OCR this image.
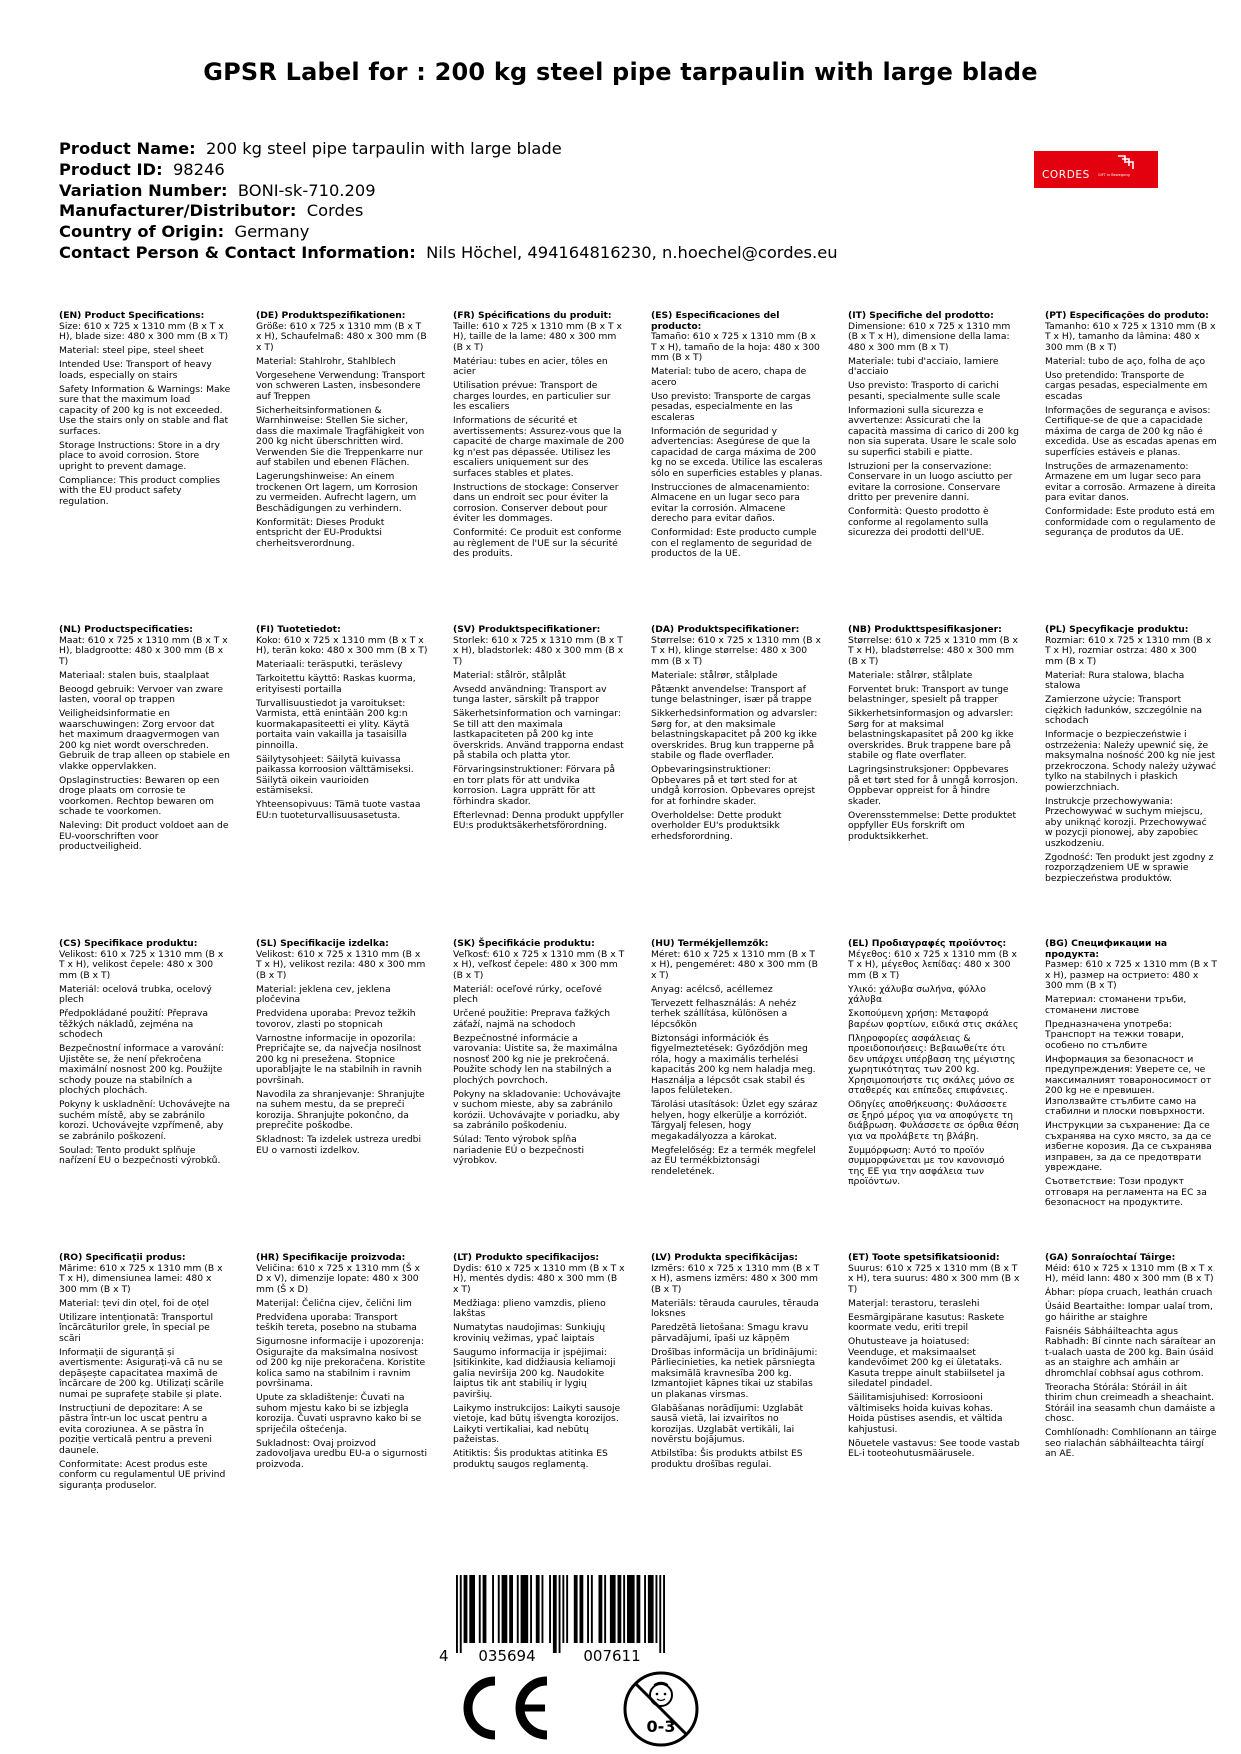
GPSR Label for : 200 kg steel pipe tarpaulin with large blade
Product Name:  200 kg steel pipe tarpaulin with large blade
Product ID:  98246
Variation Number:  BONI-sk-710.209
Manufacturer/Distributor:  Cordes
Country of Origin:  Germany
Contact Person & Contact Information:  Nils Höchel, 494164816230, n.hoechel@cordes.eu
CORDES GIFT in Bewegung
(EN) Product Specifications:

Size: 610 x 725 x 1310 mm (B x T x H), blade size: 480 x 300 mm (B x T)

Material: steel pipe, steel sheet

Intended Use: Transport of heavy loads, especially on stairs

Safety Information & Warnings: Make sure that the maximum load capacity of 200 kg is not exceeded. Use the stairs only on stable and flat surfaces.

Storage Instructions: Store in a dry place to avoid corrosion. Store upright to prevent damage.

Compliance: This product complies with the EU product safety regulation.

(DE) Produktspezifikationen:

Größe: 610 x 725 x 1310 mm (B x T x H), Schaufelmaß: 480 x 300 mm (B x T)

Material: Stahlrohr, Stahlblech

Vorgesehene Verwendung: Transport von schweren Lasten, insbesondere auf Treppen

Sicherheitsinformationen & Warnhinweise: Stellen Sie sicher, dass die maximale Tragfähigkeit von 200 kg nicht überschritten wird. Verwenden Sie die Treppenkarre nur auf stabilen und ebenen Flächen.

Lagerungshinweise: An einem trockenen Ort lagern, um Korrosion zu vermeiden. Aufrecht lagern, um Beschädigungen zu verhindern.

Konformität: Dieses Produkt entspricht der EU-Produktsi cherheitsverordnung.

(FR) Spécifications du produit:

Taille: 610 x 725 x 1310 mm (B x T x H), taille de la lame: 480 x 300 mm (B x T)

Matériau: tubes en acier, tôles en acier

Utilisation prévue: Transport de charges lourdes, en particulier sur les escaliers

Informations de sécurité et avertissements: Assurez-vous que la capacité de charge maximale de 200 kg n'est pas dépassée. Utilisez les escaliers uniquement sur des surfaces stables et plates.

Instructions de stockage: Conserver dans un endroit sec pour éviter la corrosion. Conserver debout pour éviter les dommages.

Conformité: Ce produit est conforme au règlement de l'UE sur la sécurité des produits.

(ES) Especificaciones del producto:

Tamaño: 610 x 725 x 1310 mm (B x T x H), tamaño de la hoja: 480 x 300 mm (B x T)

Material: tubo de acero, chapa de acero

Uso previsto: Transporte de cargas pesadas, especialmente en las escaleras

Información de seguridad y advertencias: Asegúrese de que la capacidad de carga máxima de 200 kg no se exceda. Utilice las escaleras sólo en superficies estables y planas.

Instrucciones de almacenamiento: Almacene en un lugar seco para evitar la corrosión. Almacene derecho para evitar daños.

Conformidad: Este producto cumple con el reglamento de seguridad de productos de la UE.

(IT) Specifiche del prodotto:

Dimensione: 610 x 725 x 1310 mm (B x T x H), dimensione della lama: 480 x 300 mm (B x T)

Materiale: tubi d'acciaio, lamiere d'acciaio

Uso previsto: Trasporto di carichi pesanti, specialmente sulle scale

Informazioni sulla sicurezza e avvertenze: Assicurati che la capacità massima di carico di 200 kg non sia superata. Usare le scale solo su superfici stabili e piatte.

Istruzioni per la conservazione: Conservare in un luogo asciutto per evitare la corrosione. Conservare dritto per prevenire danni.

Conformità: Questo prodotto è conforme al regolamento sulla sicurezza dei prodotti dell'UE.

(PT) Especificações do produto:

Tamanho: 610 x 725 x 1310 mm (B x T x H), tamanho da lâmina: 480 x 300 mm (B x T)

Material: tubo de aço, folha de aço

Uso pretendido: Transporte de cargas pesadas, especialmente em escadas

Informações de segurança e avisos: Certifique-se de que a capacidade máxima de carga de 200 kg não é excedida. Use as escadas apenas em superfícies estáveis e planas.

Instruções de armazenamento: Armazene em um lugar seco para evitar a corrosão. Armazene à direita para evitar danos.

Conformidade: Este produto está em conformidade com o regulamento de segurança de produtos da UE.

(NL) Productspecificaties:

Maat: 610 x 725 x 1310 mm (B x T x H), bladgrootte: 480 x 300 mm (B x T)

Materiaal: stalen buis, staalplaat

Beoogd gebruik: Vervoer van zware lasten, vooral op trappen

Veiligheidsinformatie en waarschuwingen: Zorg ervoor dat het maximum draagvermogen van 200 kg niet wordt overschreden. Gebruik de trap alleen op stabiele en vlakke oppervlakken.

Opslaginstructies: Bewaren op een droge plaats om corrosie te voorkomen. Rechtop bewaren om schade te voorkomen.

Naleving: Dit product voldoet aan de EU-voorschriften voor productveiligheid.

(FI) Tuotetiedot:

Koko: 610 x 725 x 1310 mm (B x T x H), terän koko: 480 x 300 mm (B x T)

Materiaali: teräsputki, teräslevy

Tarkoitettu käyttö: Raskas kuorma, erityisesti portailla

Turvallisuustiedot ja varoitukset: Varmista, että enintään 200 kg:n kuormakapasiteetti ei ylity. Käytä portaita vain vakailla ja tasaisilla pinnoilla.

Säilytysohjeet: Säilytä kuivassa paikassa korroosion välttämiseksi. Säilytä oikein vaurioiden estämiseksi.

Yhteensopivuus: Tämä tuote vastaa EU:n tuoteturvallisuusasetusta.

(SV) Produktspecifikationer:

Storlek: 610 x 725 x 1310 mm (B x T x H), bladstorlek: 480 x 300 mm (B x T)

Material: stålrör, stålplåt

Avsedd användning: Transport av tunga laster, särskilt på trappor

Säkerhetsinformation och varningar: Se till att den maximala lastkapaciteten på 200 kg inte överskrids. Använd trapporna endast på stabila och platta ytor.

Förvaringsinstruktioner: Förvara på en torr plats för att undvika korrosion. Lagra upprätt för att förhindra skador.

Efterlevnad: Denna produkt uppfyller EU:s produktsäkerhetsförordning.

(DA) Produktspecifikationer:

Størrelse: 610 x 725 x 1310 mm (B x T x H), klinge størrelse: 480 x 300 mm (B x T)

Materiale: stålrør, stålplade

Påtænkt anvendelse: Transport af tunge belastninger, især på trappe

Sikkerhedsinformation og advarsler: Sørg for, at den maksimale belastningskapacitet på 200 kg ikke overskrides. Brug kun trapperne på stabile og flade overflader.

Opbevaringsinstruktioner: Opbevares på et tørt sted for at undgå korrosion. Opbevares oprejst for at forhindre skader.

Overholdelse: Dette produkt overholder EU's produktsikk erhedsforordning.

(NB) Produkttspesifikasjoner:

Størrelse: 610 x 725 x 1310 mm (B x T x H), bladstørrelse: 480 x 300 mm (B x T)

Materiale: stålrør, stålplate

Forventet bruk: Transport av tunge belastninger, spesielt på trapper

Sikkerhetsinformasjon og advarsler: Sørg for at maksimal belastningskapasitet på 200 kg ikke overskrides. Bruk trappene bare på stabile og flate overflater.

Lagringsinstruksjoner: Oppbevares på et tørt sted for å unngå korrosjon. Oppbevar oppreist for å hindre skader.

Overensstemmelse: Dette produktet oppfyller EUs forskrift om produktsikkerhet.

(PL) Specyfikacje produktu:

Rozmiar: 610 x 725 x 1310 mm (B x T x H), rozmiar ostrza: 480 x 300 mm (B x T)

Materiał: Rura stalowa, blacha stalowa

Zamierzone użycie: Transport ciężkich ładunków, szczególnie na schodach

Informacje o bezpieczeństwie i ostrzeżenia: Należy upewnić się, że maksymalna nośność 200 kg nie jest przekroczona. Schody należy używać tylko na stabilnych i płaskich powierzchniach.

Instrukcje przechowywania: Przechowywać w suchym miejscu, aby uniknąć korozji. Przechowywać w pozycji pionowej, aby zapobiec uszkodzeniu.

Zgodność: Ten produkt jest zgodny z rozporządzeniem UE w sprawie bezpieczeństwa produktów.

(CS) Specifikace produktu:

Velikost: 610 x 725 x 1310 mm (B x T x H), velikost čepele: 480 x 300 mm (B x T)

Materiál: ocelová trubka, ocelový plech

Předpokládané použití: Přeprava těžkých nákladů, zejména na schodech

Bezpečnostní informace a varování: Ujistěte se, že není překročena maximální nosnost 200 kg. Použijte schody pouze na stabilních a plochých plochách.

Pokyny k uskladnění: Uchovávejte na suchém místě, aby se zabránilo korozi. Uchovávejte vzpřímeně, aby se zabránilo poškození.

Soulad: Tento produkt splňuje nařízení EU o bezpečnosti výrobků.

(SL) Specifikacije izdelka:

Velikost: 610 x 725 x 1310 mm (B x T x H), velikost rezila: 480 x 300 mm (B x T)

Material: jeklena cev, jeklena pločevina

Predvidena uporaba: Prevoz težkih tovorov, zlasti po stopnicah

Varnostne informacije in opozorila: Prepričajte se, da največja nosilnost 200 kg ni presežena. Stopnice uporabljajte le na stabilnih in ravnih površinah.

Navodila za shranjevanje: Shranjujte na suhem mestu, da se prepreči korozija. Shranjujte pokončno, da preprečite poškodbe.

Skladnost: Ta izdelek ustreza uredbi EU o varnosti izdelkov.

(SK) Špecifikácie produktu:

Veľkosť: 610 x 725 x 1310 mm (B x T x H), veľkosť čepele: 480 x 300 mm (B x T)

Materiál: oceľové rúrky, oceľové plech

Určené použitie: Preprava ťažkých záťaží, najmä na schodoch

Bezpečnostné informácie a varovania: Uistite sa, že maximálna nosnosť 200 kg nie je prekročená. Použite schody len na stabilných a plochých povrchoch.

Pokyny na skladovanie: Uchovávajte v suchom mieste, aby sa zabránilo korózii. Uchovávajte v poriadku, aby sa zabránilo poškodeniu.

Súlad: Tento výrobok spĺňa nariadenie EÚ o bezpečnosti výrobkov.

(HU) Termékjellemzők:

Méret: 610 x 725 x 1310 mm (B x T x H), pengeméret: 480 x 300 mm (B x T)

Anyag: acélcső, acéllemez

Tervezett felhasználás: A nehéz terhek szállítása, különösen a lépcsőkön

Biztonsági információk és figyelmeztetések: Győződjön meg róla, hogy a maximális terhelési kapacitás 200 kg nem haladja meg. Használja a lépcsőt csak stabil és lapos felületeken.

Tárolási utasítások: Üzlet egy száraz helyen, hogy elkerülje a korróziót. Tárgyalj felesen, hogy megakadályozza a károkat.

Megfelelőség: Ez a termék megfelel az EU termékbiztonsági rendeletének.

(EL) Προδιαγραφές προϊόντος:

Μέγεθος: 610 x 725 x 1310 mm (B x T x H), μέγεθος λεπίδας: 480 x 300 mm (B x T)

Υλικό: χάλυβα σωλήνα, φύλλο χάλυβα

Σκοπούμενη χρήση: Μεταφορά βαρέων φορτίων, ειδικά στις σκάλες

Πληροφορίες ασφάλειας & προειδοποιήσεις: Βεβαιωθείτε ότι δεν υπάρχει υπέρβαση της μέγιστης χωρητικότητας των 200 kg. Χρησιμοποιήστε τις σκάλες μόνο σε σταθερές και επίπεδες επιφάνειες.

Οδηγίες αποθήκευσης: Φυλάσσετε σε ξηρό μέρος για να αποφύγετε τη διάβρωση. Φυλάσσετε σε όρθια θέση για να προλάβετε τη βλάβη.

Συμμόρφωση: Αυτό το προϊόν συμμορφώνεται με τον κανονισμό της ΕΕ για την ασφάλεια των προϊόντων.

(BG) Спецификации на продукта:

Размер: 610 x 725 x 1310 mm (B x T x H), размер на острието: 480 x 300 mm (B x T)

Материал: стоманени тръби, стоманени листове

Предназначена употреба: Транспорт на тежки товари, особено по стълбите

Информация за безопасност и предупреждения: Уверете се, че максималният товароносимост от 200 kg не е превишен. Използвайте стълбите само на стабилни и плоски повърхности.

Инструкции за съхранение: Да се съхранява на сухо място, за да се избегне корозия. Да се съхранява изправен, за да се предотврати увреждане.

Съответствие: Този продукт отговаря на регламента на ЕС за безопасност на продуктите.

(RO) Specificații produs:

Mărime: 610 x 725 x 1310 mm (B x T x H), dimensiunea lamei: 480 x 300 mm (B x T)

Material: țevi din oțel, foi de oțel

Utilizare intenționată: Transportul încărcăturilor grele, în special pe scări

Informații de siguranță și avertismente: Asigurați-vă că nu se depășește capacitatea maximă de încărcare de 200 kg. Utilizați scările numai pe suprafețe stabile și plate.

Instrucțiuni de depozitare: A se păstra într-un loc uscat pentru a evita coroziunea. A se păstra în poziție verticală pentru a preveni daunele.

Conformitate: Acest produs este conform cu regulamentul UE privind siguranța produselor.

(HR) Specifikacije proizvoda:

Veličina: 610 x 725 x 1310 mm (Š x D x V), dimenzije lopate: 480 x 300 mm (Š x D)

Materijal: Čelična cijev, čelični lim

Predviđena uporaba: Transport teških tereta, posebno na stubama

Sigurnosne informacije i upozorenja: Osigurajte da maksimalna nosivost od 200 kg nije prekoračena. Koristite kolica samo na stabilnim i ravnim površinama.

Upute za skladištenje: Čuvati na suhom mjestu kako bi se izbjegla korozija. Čuvati uspravno kako bi se spriječila oštećenja.

Sukladnost: Ovaj proizvod zadovoljava uredbu EU-a o sigurnosti proizvoda.

(LT) Produkto specifikacijos:

Dydis: 610 x 725 x 1310 mm (B x T x H), mentės dydis: 480 x 300 mm (B x T)

Medžiaga: plieno vamzdis, plieno lakštas

Numatytas naudojimas: Sunkiųjų krovinių vežimas, ypač laiptais

Saugumo informacija ir įspėjimai: Įsitikinkite, kad didžiausia keliamoji galia neviršija 200 kg. Naudokite laiptus tik ant stabilių ir lygių paviršių.

Laikymo instrukcijos: Laikyti sausoje vietoje, kad būtų išvengta korozijos. Laikyti vertikaliai, kad nebūtų pažeistas.

Atitiktis: Šis produktas atitinka ES produktų saugos reglamentą.

(LV) Produkta specifikācijas:

Izmērs: 610 x 725 x 1310 mm (B x T x H), asmens izmērs: 480 x 300 mm (B x T)

Materiāls: tērauda caurules, tērauda loksnes

Paredzētā lietošana: Smagu kravu pārvadājumi, īpaši uz kāpņēm

Drošības informācija un brīdinājumi: Pārliecinieties, ka netiek pārsniegta maksimālā kravnesība 200 kg. Izmantojiet kāpnes tikai uz stabilas un plakanas virsmas.

Glabāšanas norādījumi: Uzglabāt sausā vietā, lai izvairītos no korozijas. Uzglabāt vertikāli, lai novērstu bojājumus.

Atbilstība: Šis produkts atbilst ES produktu drošības regulai.

(ET) Toote spetsifikatsioonid:

Suurus: 610 x 725 x 1310 mm (B x T x H), tera suurus: 480 x 300 mm (B x T)

Materjal: terastoru, teraslehi

Eesmärgipärane kasutus: Raskete koormate vedu, eriti trepil

Ohutusteave ja hoiatused: Veenduge, et maksimaalset kandevõimet 200 kg ei ületataks. Kasuta treppe ainult stabiilsetel ja siledatel pindadel.

Säilitamisjuhised: Korrosiooni vältimiseks hoida kuivas kohas. Hoida püstises asendis, et vältida kahjustusi.

Nõuetele vastavus: See toode vastab EL-i tooteohutusmäärusele.

(GA) Sonraíochtaí Táirge:

Méid: 610 x 725 x 1310 mm (B x T x H), méid lann: 480 x 300 mm (B x T)

Ábhar: píopa cruach, leathán cruach

Úsáid Beartaithe: Iompar ualaí trom, go háirithe ar staighre

Faisnéis Sábháilteachta agus Rabhadh: Bí cinnte nach sáraítear an t-ualach uasta de 200 kg. Bain úsáid as an staighre ach amháin ar dhromchlaí cobhsaí agus cothrom.

Treoracha Stórála: Stóráil in áit thirim chun creimeadh a sheachaint. Stóráil ina seasamh chun damáiste a chosc.

Comhlíonadh: Comhlíonann an táirge seo rialachán sábháilteachta táirgí an AE.

4 035694	007611
0-3
